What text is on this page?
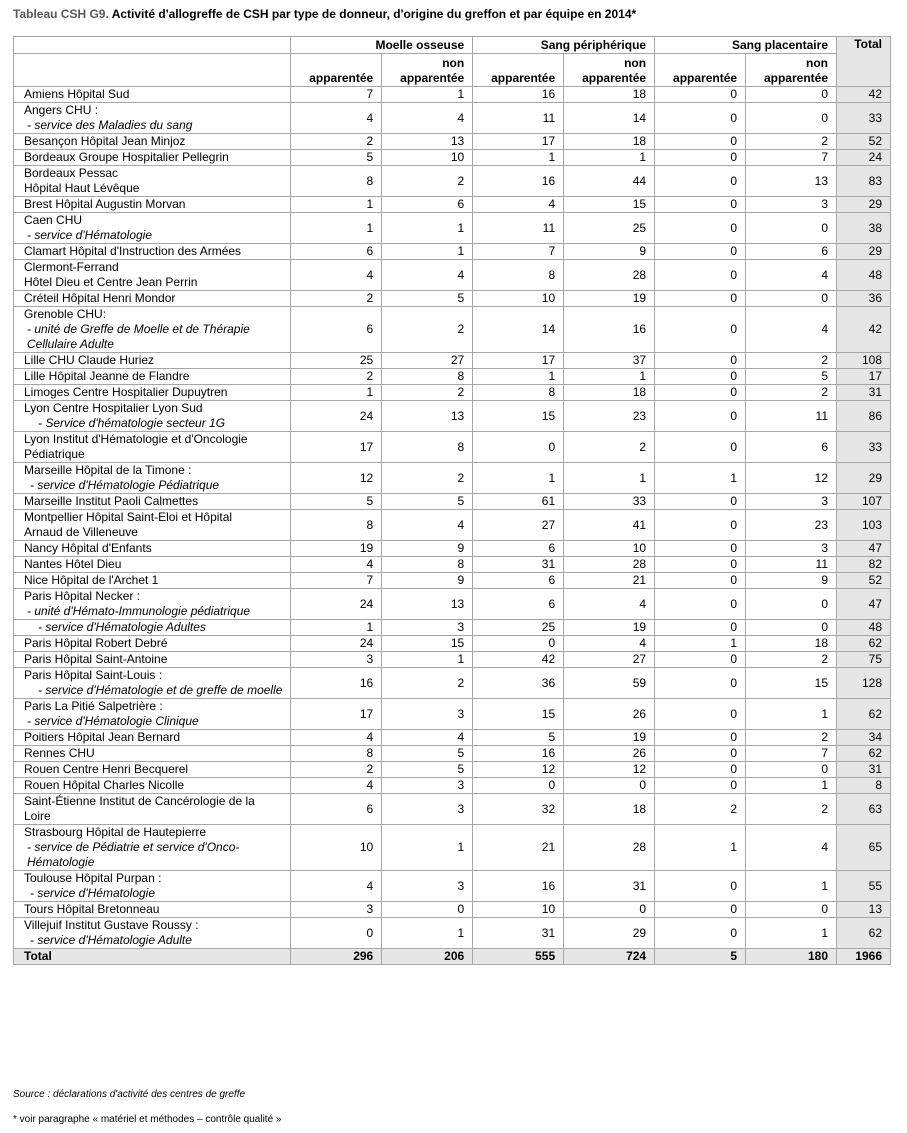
Tableau CSH G9. Activité d'allogreffe de CSH par type de donneur, d'origine du greffon et par équipe en 2014*
	Moelle osseuse		Sang périphérique		Sang placentaire		Total
	apparentée	non apparentée	apparentée	non apparentée	apparentée	non apparentée	

Amiens Hôpital Sud	7	1	16	18	0	0	42

Angers CHU :
- service des Maladies du sang	4	4	11	14	0	0	33

Besançon Hôpital Jean Minjoz	2	13	17	18	0	2	52

Bordeaux Groupe Hospitalier Pellegrin	5	10	1	1	0	7	24

Bordeaux Pessac
Hôpital Haut Lévêque	8	2	16	44	0	13	83

Brest Hôpital Augustin Morvan	1	6	4	15	0	3	29

Caen CHU
- service d'Hématologie	1	1	11	25	0	0	38

Clamart Hôpital d'Instruction des Armées	6	1	7	9	0	6	29

Clermont-Ferrand
Hôtel Dieu et Centre Jean Perrin	4	4	8	28	0	4	48

Créteil Hôpital Henri Mondor	2	5	10	19	0	0	36

Grenoble CHU:
- unité de Greffe de Moelle et de Thérapie Cellulaire Adulte	6	2	14	16	0	4	42

Lille CHU Claude Huriez	25	27	17	37	0	2	108

Lille Hôpital Jeanne de Flandre	2	8	1	1	0	5	17

Limoges Centre Hospitalier Dupuytren	1	2	8	18	0	2	31

Lyon Centre Hospitalier Lyon Sud
- Service d'hématologie secteur 1G	24	13	15	23	0	11	86

Lyon Institut d'Hématologie et d'Oncologie
Pédiatrique	17	8	0	2	0	6	33

Marseille Hôpital de la Timone :
- service d'Hématologie Pédiatrique	12	2	1	1	1	12	29

Marseille Institut Paoli Calmettes	5	5	61	33	0	3	107

Montpellier Hôpital Saint-Eloi et Hôpital
Arnaud de Villeneuve	8	4	27	41	0	23	103

Nancy Hôpital d'Enfants	19	9	6	10	0	3	47

Nantes Hôtel Dieu	4	8	31	28	0	11	82

Nice Hôpital de l'Archet 1	7	9	6	21	0	9	52

Paris Hôpital Necker :
- unité d'Hémato-Immunologie pédiatrique	24	13	6	4	0	0	47

- service d'Hématologie Adultes	1	3	25	19	0	0	48

Paris Hôpital Robert Debré	24	15	0	4	1	18	62

Paris Hôpital Saint-Antoine	3	1	42	27	0	2	75

Paris Hôpital Saint-Louis :
- service d'Hématologie et de greffe de moelle	16	2	36	59	0	15	128

Paris La Pitié Salpetrière :
- service d'Hématologie Clinique	17	3	15	26	0	1	62

Poitiers Hôpital Jean Bernard	4	4	5	19	0	2	34

Rennes CHU	8	5	16	26	0	7	62

Rouen Centre Henri Becquerel	2	5	12	12	0	0	31

Rouen Hôpital Charles Nicolle	4	3	0	0	0	1	8

Saint-Étienne Institut de Cancérologie de la
Loire	6	3	32	18	2	2	63

Strasbourg Hôpital de Hautepierre
- service de Pédiatrie et service d'Onco-Hématologie	10	1	21	28	1	4	65

Toulouse Hôpital Purpan :
- service d'Hématologie	4	3	16	31	0	1	55

Tours Hôpital Bretonneau	3	0	10	0	0	0	13

Villejuif Institut Gustave Roussy :
- service d'Hématologie Adulte	0	1	31	29	0	1	62
Total	296	206	555	724	5	180	1966
Source : déclarations d'activité des centres de greffe
* voir paragraphe « matériel et méthodes – contrôle qualité »
